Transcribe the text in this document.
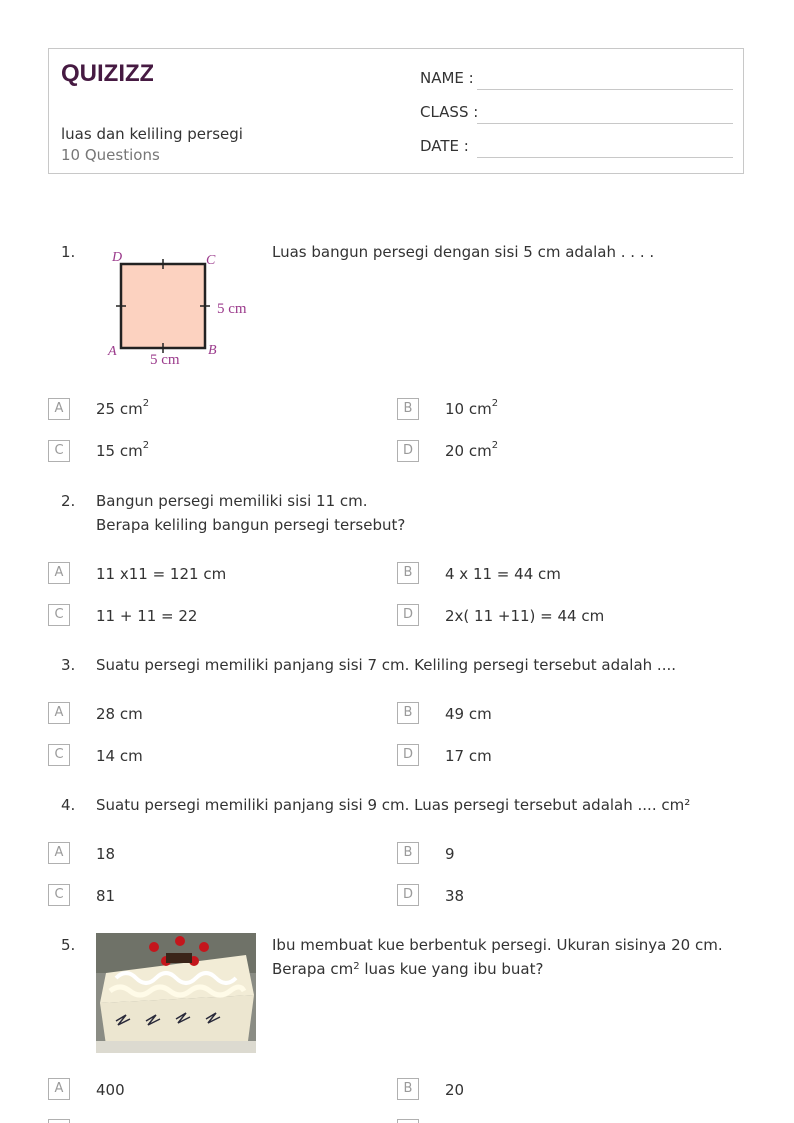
QUIZIZZ
luas dan keliling persegi
10 Questions
NAME :
CLASS :
DATE :
1.	D	C
A	B
5 cm
5 cm
Luas bangun persegi dengan sisi 5 cm adalah . . . .
A	25 $cm^2$	B	10 $cm^2$
C	15 $cm^2$	D	20 $cm^2$
2. Bangun persegi memiliki sisi 11 cm.
Berapa keliling bangun persegi tersebut?
A	11 x11 = 121 cm	B	4 x 11 = 44 cm
C	11 + 11 = 22	D	2x( 11 +11) = 44 cm
3. Suatu persegi memiliki panjang sisi 7 cm. Keliling persegi tersebut adalah ....
A	28 cm	B	49 cm
C	14 cm	D	17 cm
4. Suatu persegi memiliki panjang sisi 9 cm. Luas persegi tersebut adalah .... cm²
A	18	B	9
C	81	D	38
5.	Ibu membuat kue berbentuk persegi. Ukuran sisinya 20 cm.
Berapa $cm^2$ luas kue yang ibu buat?
A	400	B	20
